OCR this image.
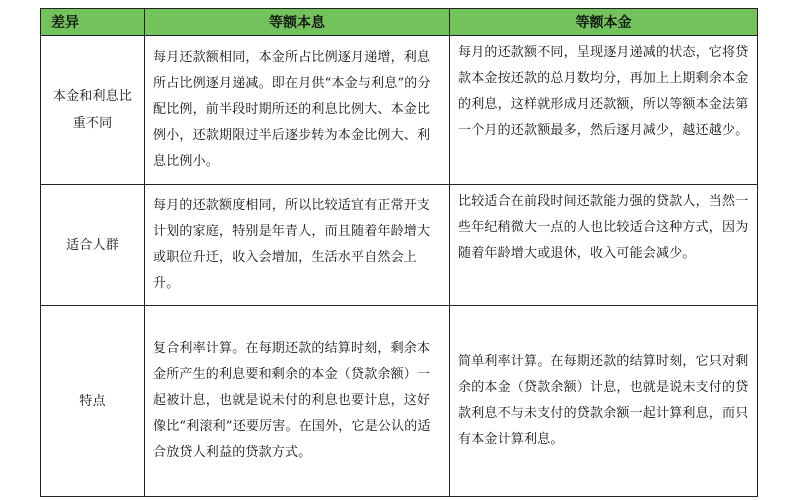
差异	等额本息	等额本金
本金和利息比重不同	每月还款额相同，本金所占比例逐月递增，利息所占比例逐月递减。即在月供“本金与利息”的分配比例，前半段时期所还的利息比例大、本金比例小，还款期限过半后逐步转为本金比例大、利息比例小。	每月的还款额不同，呈现逐月递减的状态，它将贷款本金按还款的总月数均分，再加上上期剩余本金的利息，这样就形成月还款额，所以等额本金法第一个月的还款额最多，然后逐月减少，越还越少。
适合人群	每月的还款额度相同，所以比较适宜有正常开支计划的家庭，特别是年青人，而且随着年龄增大或职位升迁，收入会增加，生活水平自然会上升。	比较适合在前段时间还款能力强的贷款人，当然一些年纪稍微大一点的人也比较适合这种方式，因为随着年龄增大或退休，收入可能会减少。
特点	复合利率计算。在每期还款的结算时刻，剩余本金所产生的利息要和剩余的本金（贷款余额）一起被计息，也就是说未付的利息也要计息，这好像比“利滚利”还要厉害。在国外，它是公认的适合放贷人利益的贷款方式。	简单利率计算。在每期还款的结算时刻，它只对剩余的本金（贷款余额）计息，也就是说未支付的贷款利息不与未支付的贷款余额一起计算利息，而只有本金计算利息。
